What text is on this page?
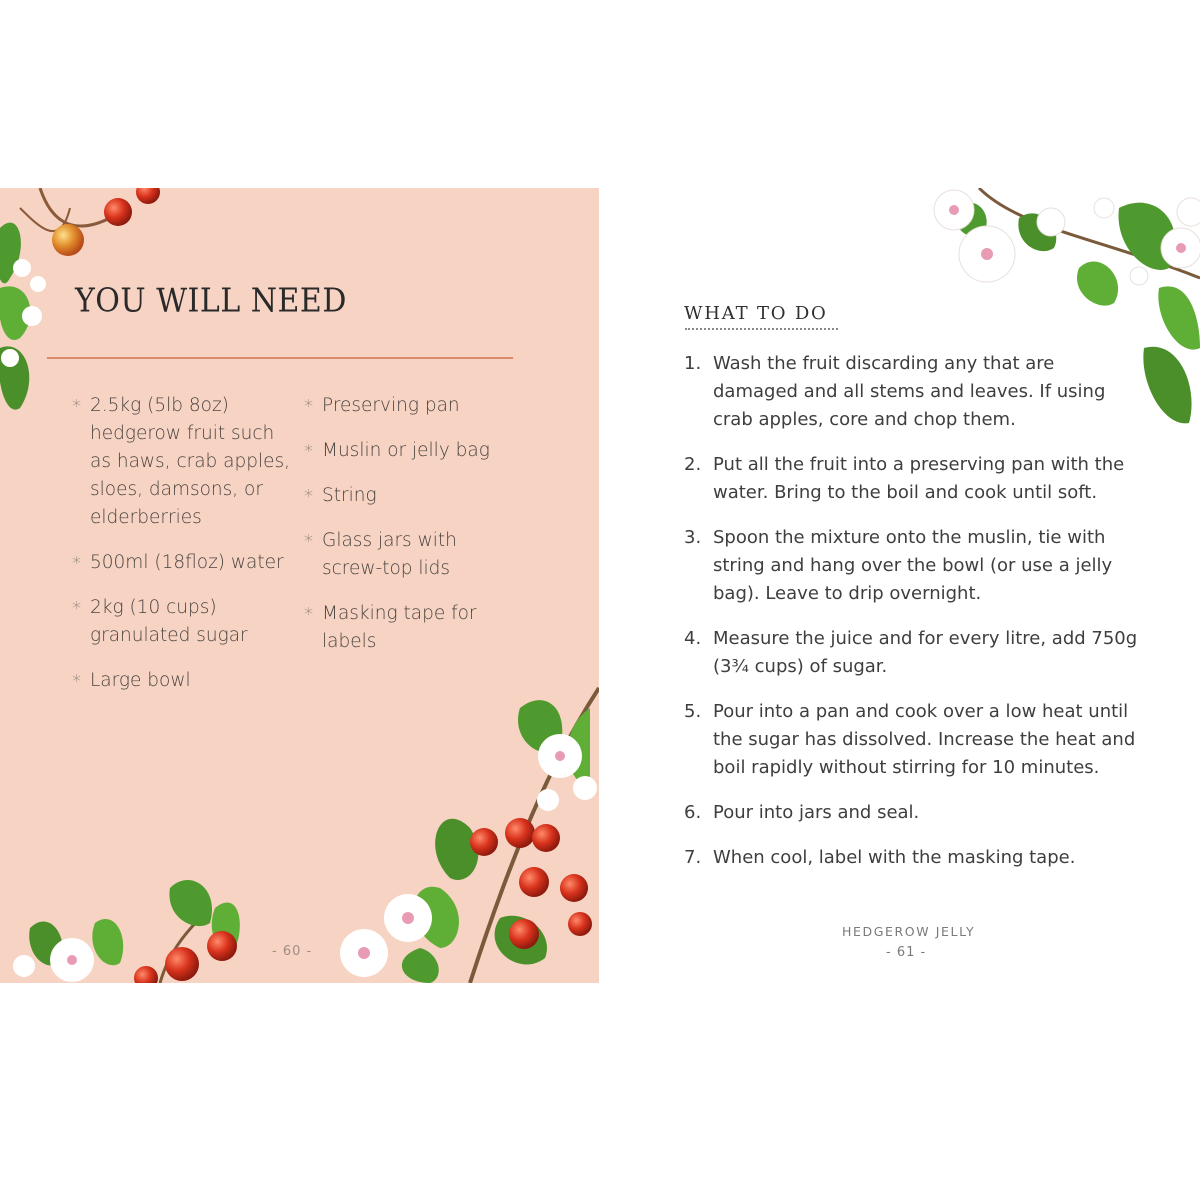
YOU WILL NEED
* 2.5kg (5lb 8oz) hedgerow fruit such as haws, crab apples, sloes, damsons, or elderberries
* 500ml (18floz) water
* 2kg (10 cups) granulated sugar
* Large bowl
* Preserving pan
* Muslin or jelly bag
* String
* Glass jars with screw-top lids
* Masking tape for labels
- 60 -
WHAT TO DO
1. Wash the fruit discarding any that are damaged and all stems and leaves. If using crab apples, core and chop them.
2. Put all the fruit into a preserving pan with the water. Bring to the boil and cook until soft.
3. Spoon the mixture onto the muslin, tie with string and hang over the bowl (or use a jelly bag). Leave to drip overnight.
4. Measure the juice and for every litre, add 750g (3¾ cups) of sugar.
5. Pour into a pan and cook over a low heat until the sugar has dissolved. Increase the heat and boil rapidly without stirring for 10 minutes.
6. Pour into jars and seal.
7. When cool, label with the masking tape.
HEDGEROW JELLY
- 61 -
